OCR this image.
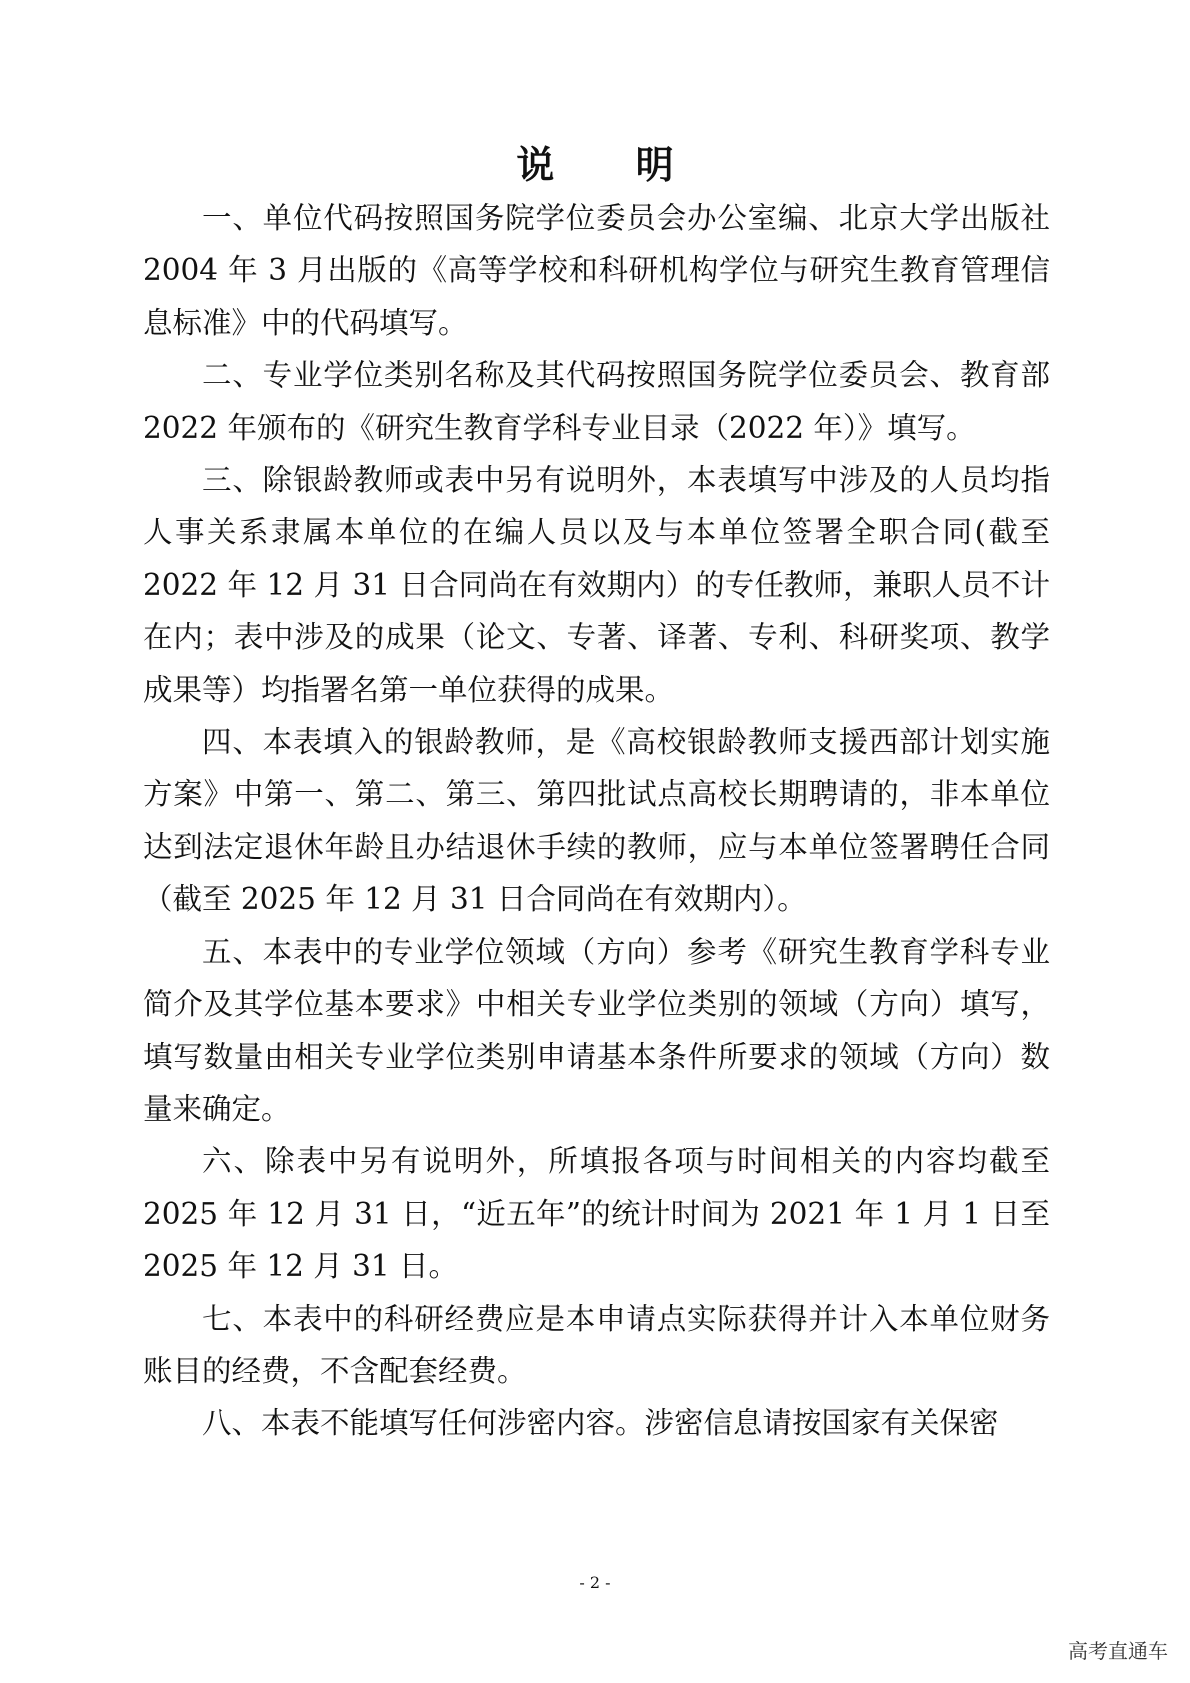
说 明

一、单位代码按照国务院学位委员会办公室编、北京大学出版社 2004 年 3 月出版的《高等学校和科研机构学位与研究生教育管理信息标准》中的代码填写。

二、专业学位类别名称及其代码按照国务院学位委员会、教育部 2022 年颁布的《研究生教育学科专业目录（2022 年）》填写。

三、除银龄教师或表中另有说明外，本表填写中涉及的人员均指人事关系隶属本单位的在编人员以及与本单位签署全职合同(截至 2022 年 12 月 31 日合同尚在有效期内）的专任教师，兼职人员不计在内；表中涉及的成果（论文、专著、译著、专利、科研奖项、教学成果等）均指署名第一单位获得的成果。

四、本表填入的银龄教师，是《高校银龄教师支援西部计划实施方案》中第一、第二、第三、第四批试点高校长期聘请的，非本单位达到法定退休年龄且办结退休手续的教师，应与本单位签署聘任合同（截至 2025 年 12 月 31 日合同尚在有效期内）。

五、本表中的专业学位领域（方向）参考《研究生教育学科专业简介及其学位基本要求》中相关专业学位类别的领域（方向）填写，填写数量由相关专业学位类别申请基本条件所要求的领域（方向）数量来确定。

六、除表中另有说明外，所填报各项与时间相关的内容均截至 2025 年 12 月 31 日，“近五年”的统计时间为 2021 年 1 月 1 日至 2025 年 12 月 31 日。

七、本表中的科研经费应是本申请点实际获得并计入本单位财务账目的经费，不含配套经费。

八、本表不能填写任何涉密内容。涉密信息请按国家有关保密

- 2 -
高考直通车
